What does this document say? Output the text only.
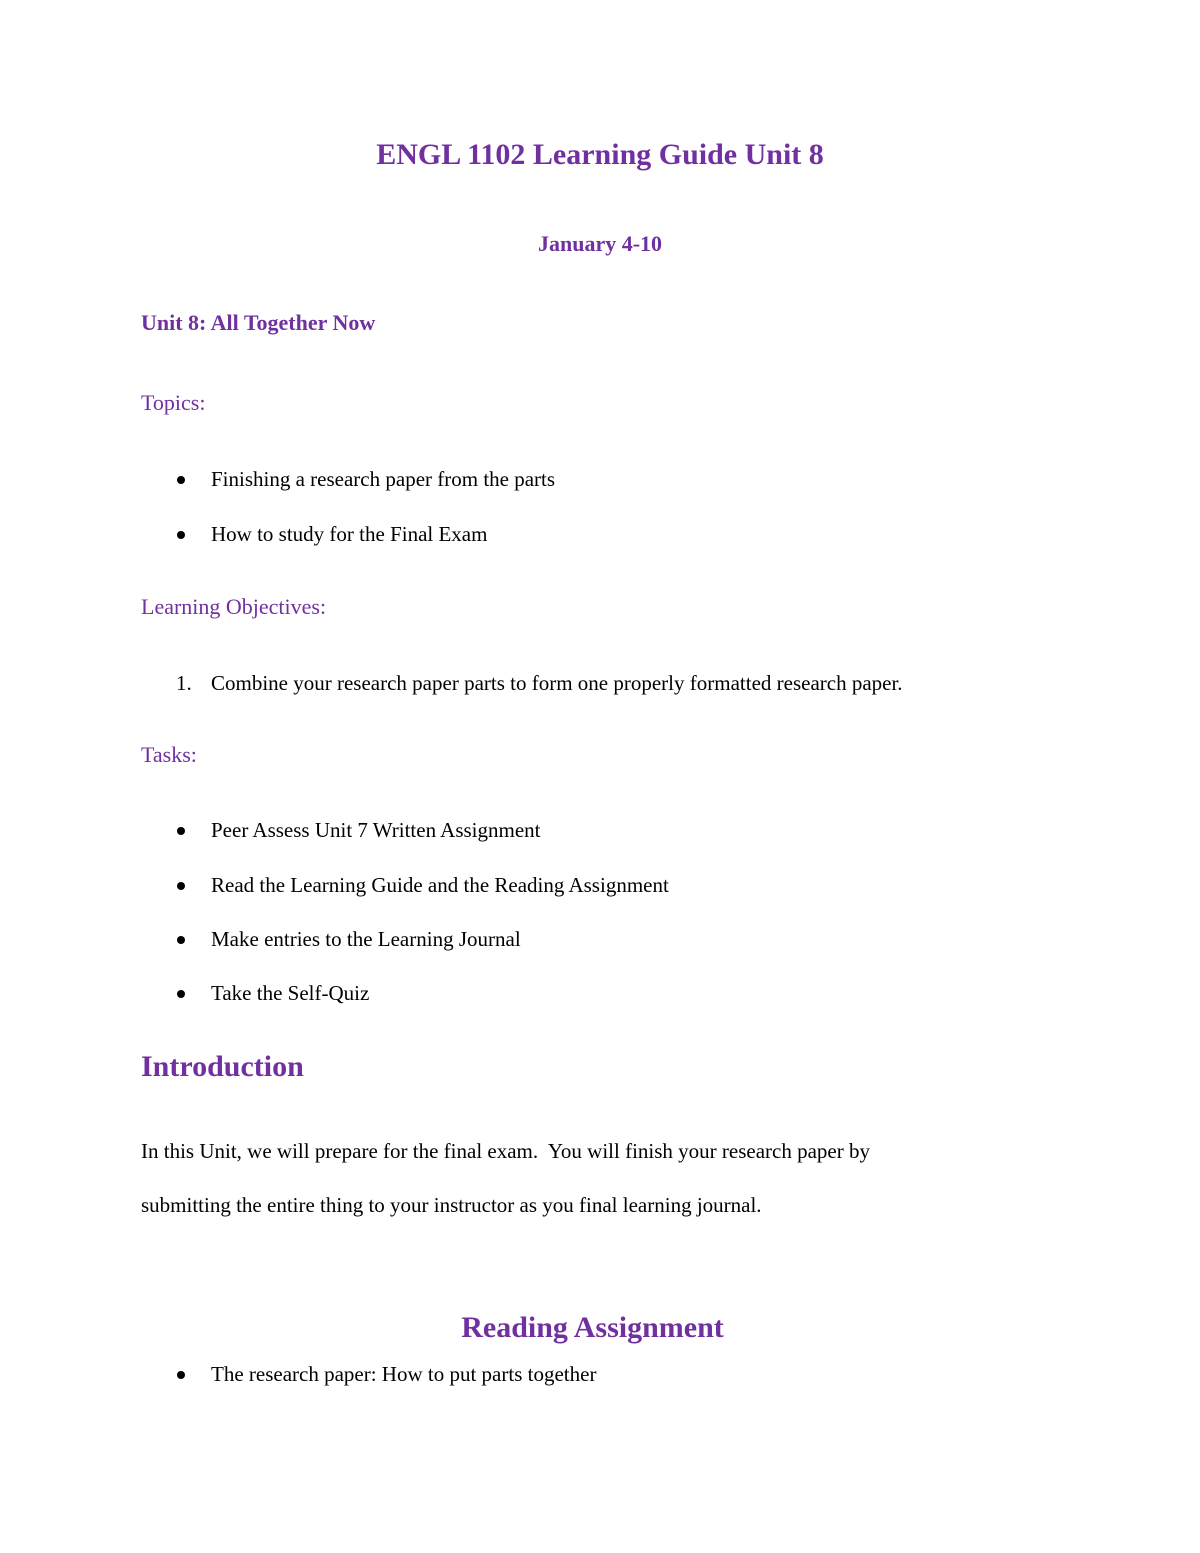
ENGL 1102 Learning Guide Unit 8
January 4-10
Unit 8: All Together Now
Topics:
Finishing a research paper from the parts
How to study for the Final Exam
Learning Objectives:
1. Combine your research paper parts to form one properly formatted research paper.
Tasks:
Peer Assess Unit 7 Written Assignment
Read the Learning Guide and the Reading Assignment
Make entries to the Learning Journal
Take the Self-Quiz
Introduction
In this Unit, we will prepare for the final exam.  You will finish your research paper by
submitting the entire thing to your instructor as you final learning journal.
Reading Assignment
The research paper: How to put parts together
